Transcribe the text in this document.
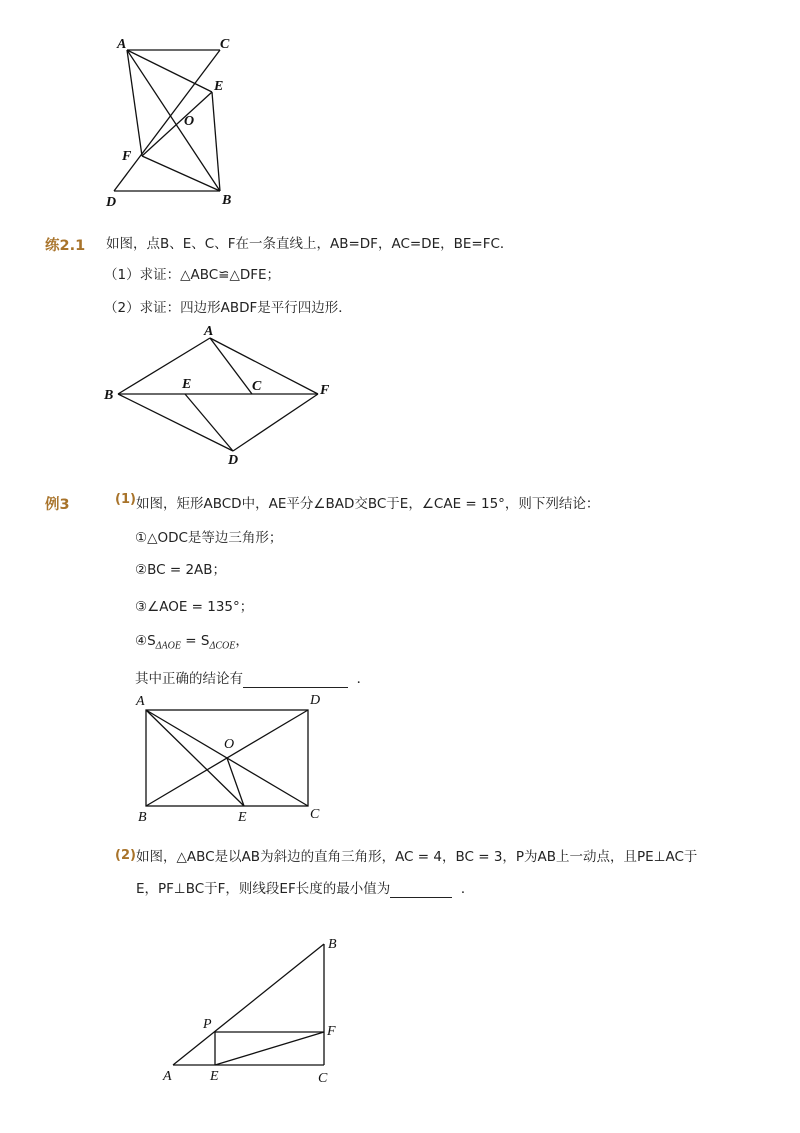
A	C
E
O
F
D	B
练2.1 如图，点B、E、C、F在一条直线上，AB=DF，AC=DE，BE=FC．
（1）求证：△ABC≌△DFE；
（2）求证：四边形ABDF是平行四边形．
A
B
E	C	F
D
例3	(1) 如图，矩形ABCD中，AE平分∠BAD交BC于E，∠CAE = 15°，则下列结论：
①△ODC是等边三角形；
②BC = 2AB；
③∠AOE = 135°；
$④S_{\Delta AOE} = S_{\Delta COE}$，
其中正确的结论有	．
A	D
O
B	E	C
(2) 如图，△ABC是以AB为斜边的直角三角形，AC = 4，BC = 3，P为AB上一动点，且PE⊥AC于
E，PF⊥BC于F，则线段EF长度的最小值为	．
B
P	F
A	E	C
